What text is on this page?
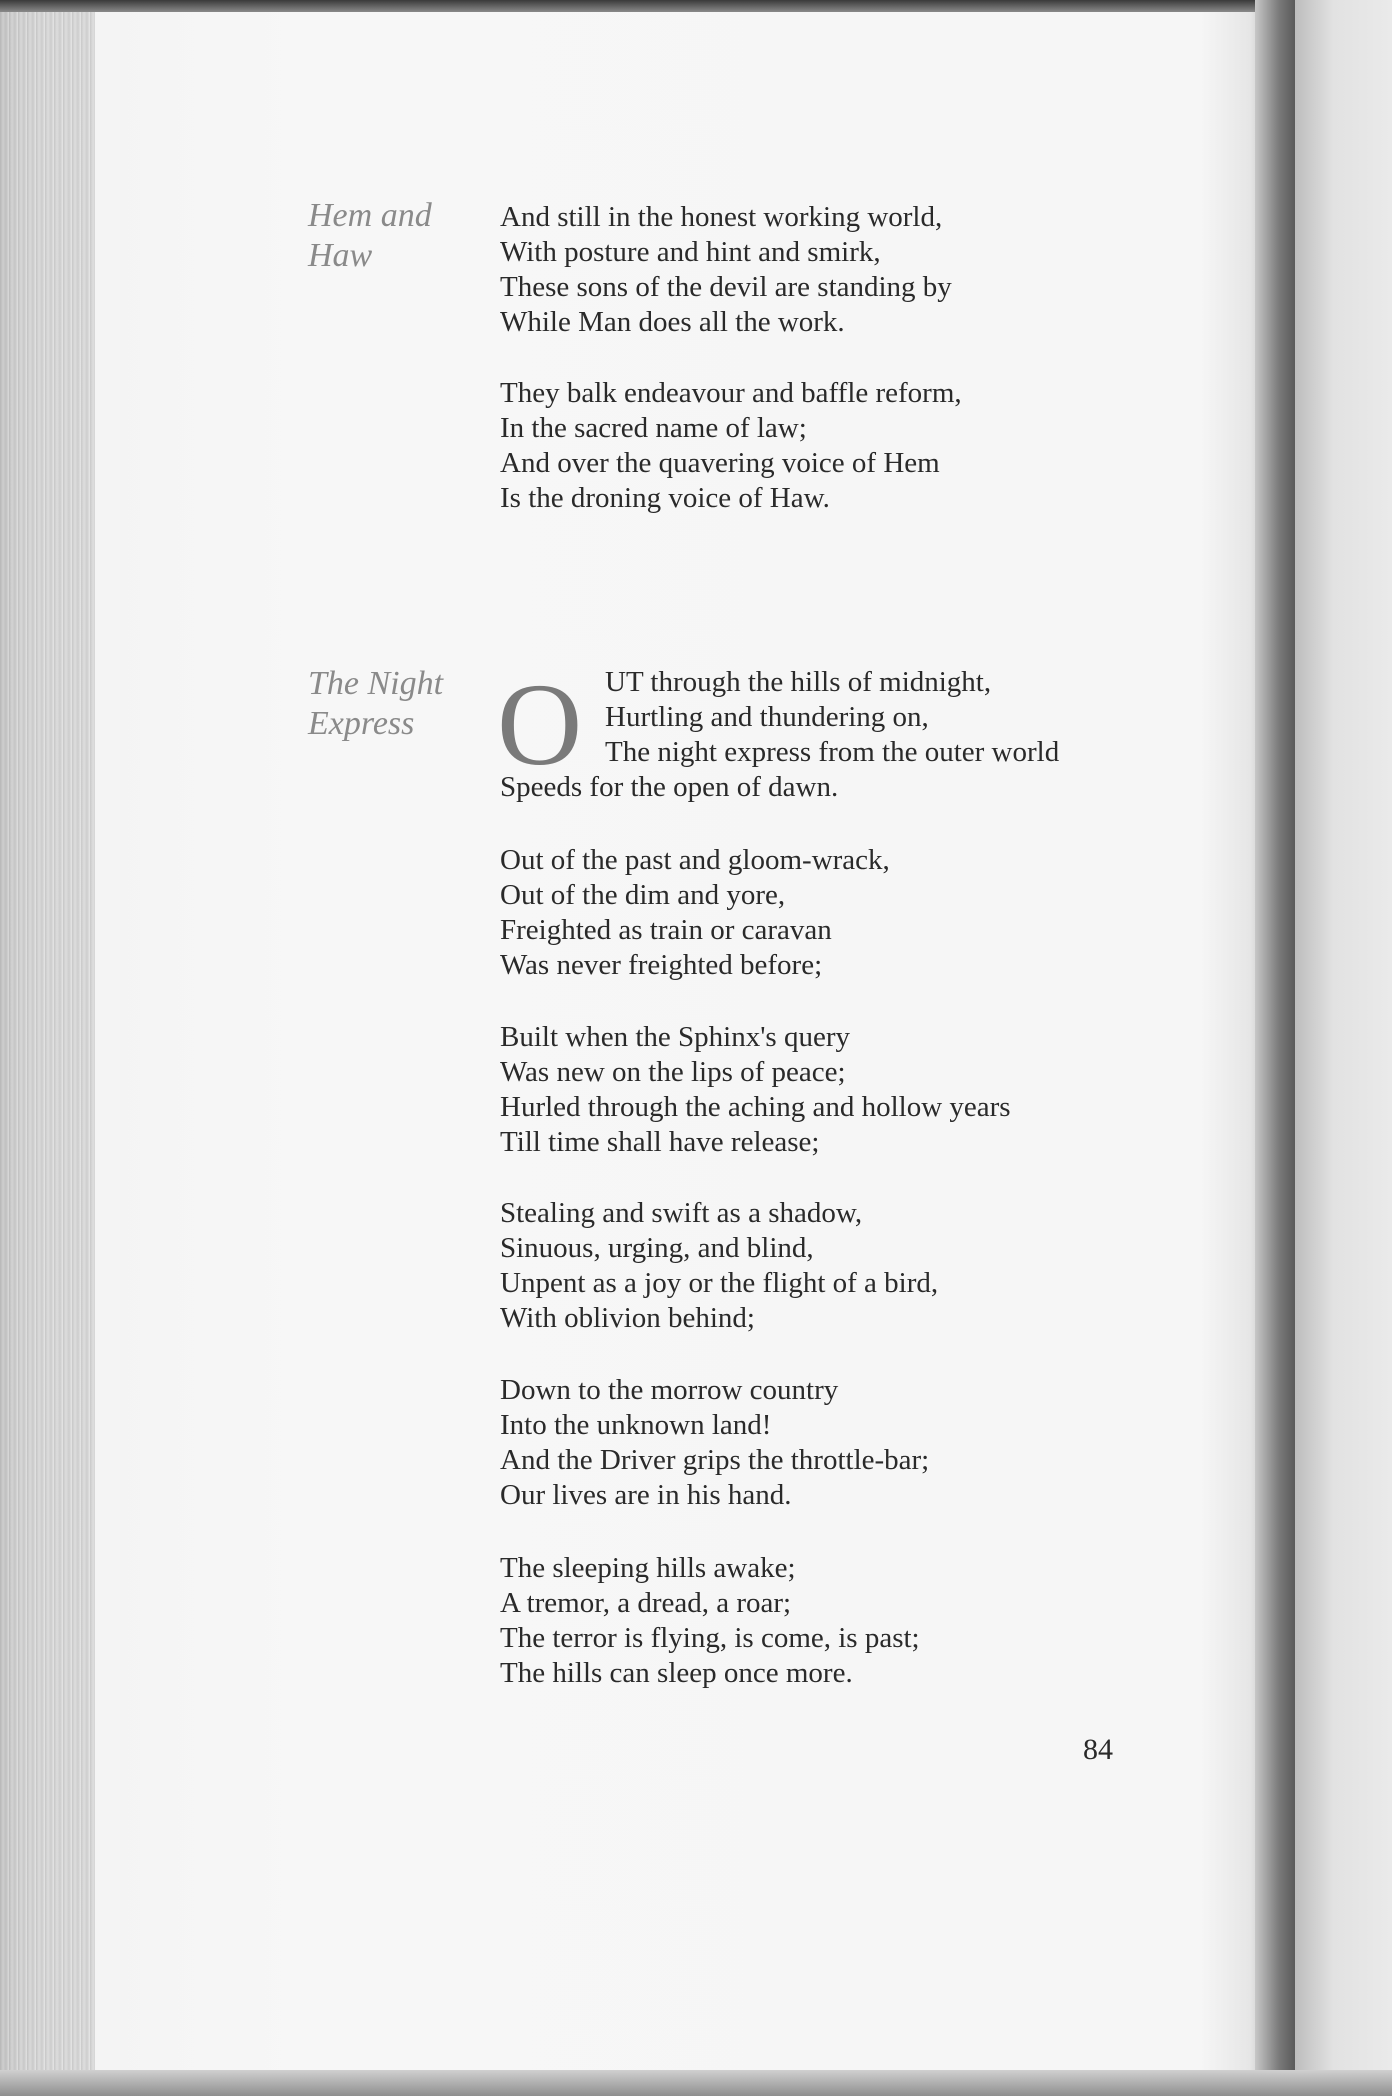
Hem and
Haw

And still in the honest working world,
With posture and hint and smirk,
These sons of the devil are standing by
While Man does all the work.

They balk endeavour and baffle reform,
In the sacred name of law;
And over the quavering voice of Hem
Is the droning voice of Haw.

The Night
Express O UT through the hills of midnight,
Hurtling and thundering on,
The night express from the outer world
Speeds for the open of dawn.

Out of the past and gloom-wrack,
Out of the dim and yore,
Freighted as train or caravan
Was never freighted before;

Built when the Sphinx's query
Was new on the lips of peace;
Hurled through the aching and hollow years
Till time shall have release;

Stealing and swift as a shadow,
Sinuous, urging, and blind,
Unpent as a joy or the flight of a bird,
With oblivion behind;

Down to the morrow country
Into the unknown land!
And the Driver grips the throttle-bar;
Our lives are in his hand.

The sleeping hills awake;
A tremor, a dread, a roar;
The terror is flying, is come, is past;
The hills can sleep once more.

84
